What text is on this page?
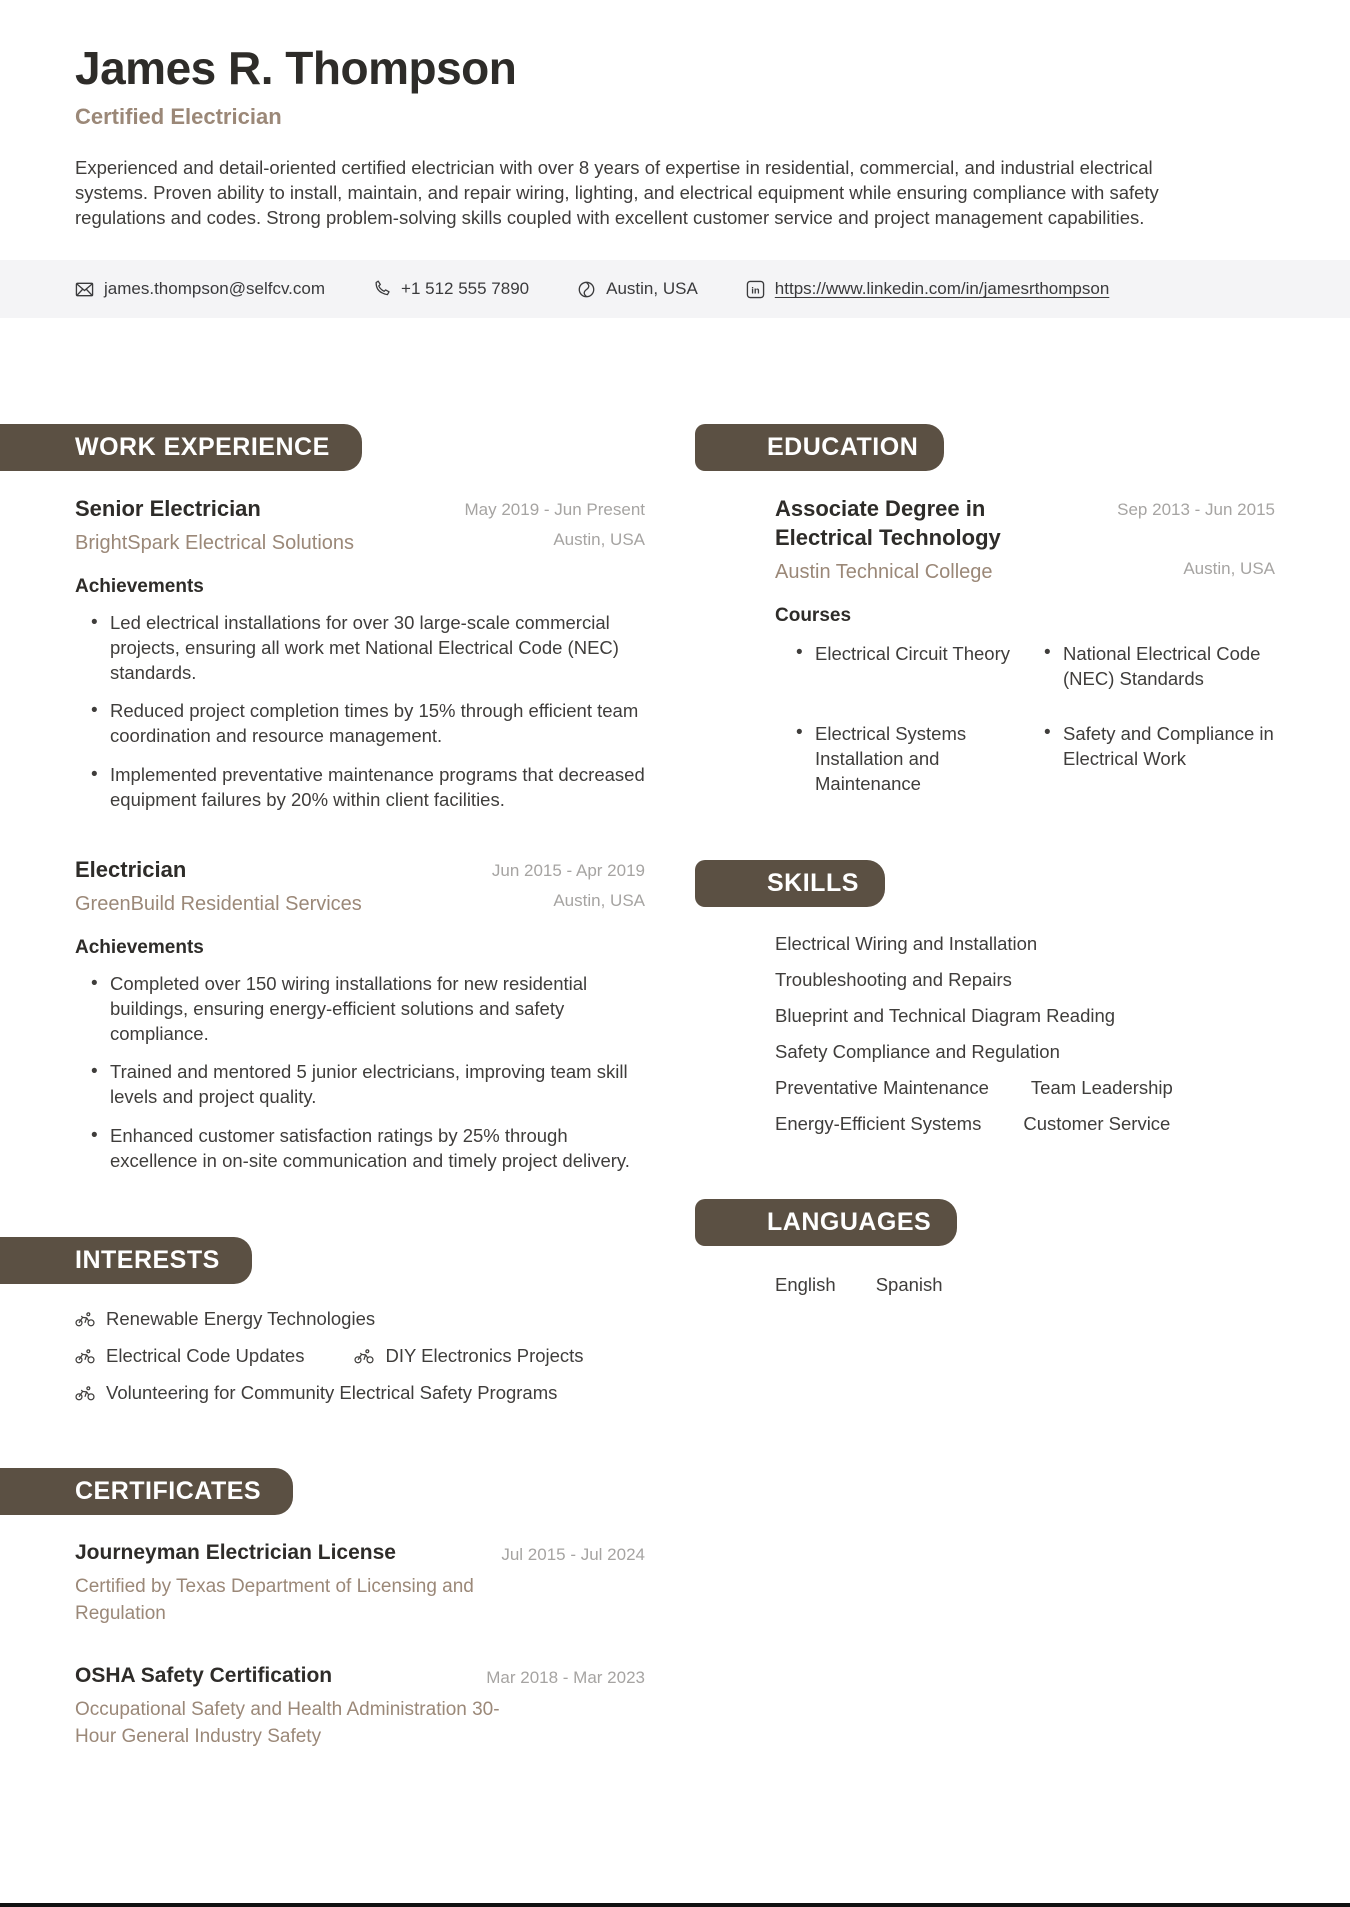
James R. Thompson
Certified Electrician

Experienced and detail-oriented certified electrician with over 8 years of expertise in residential, commercial, and industrial electrical systems. Proven ability to install, maintain, and repair wiring, lighting, and electrical equipment while ensuring compliance with safety regulations and codes. Strong problem-solving skills coupled with excellent customer service and project management capabilities.

james.thompson@selfcv.com	+1 512 555 7890	Austin, USA	in https://www.linkedin.com/in/jamesrthompson
WORK EXPERIENCE
Senior Electrician
BrightSpark Electrical Solutions
May 2019 - Jun Present
Austin, USA
Achievements
• Led electrical installations for over 30 large-scale commercial projects, ensuring all work met National Electrical Code (NEC) standards.
• Reduced project completion times by 15% through efficient team coordination and resource management.
• Implemented preventative maintenance programs that decreased equipment failures by 20% within client facilities.
Electrician
GreenBuild Residential Services
Jun 2015 - Apr 2019
Austin, USA
Achievements
• Completed over 150 wiring installations for new residential buildings, ensuring energy-efficient solutions and safety compliance.
• Trained and mentored 5 junior electricians, improving team skill levels and project quality.
• Enhanced customer satisfaction ratings by 25% through excellence in on-site communication and timely project delivery.
INTERESTS
Renewable Energy Technologies
Electrical Code Updates	DIY Electronics Projects
Volunteering for Community Electrical Safety Programs
CERTIFICATES
Journeyman Electrician License	Jul 2015 - Jul 2024
Certified by Texas Department of Licensing and Regulation
OSHA Safety Certification	Mar 2018 - Mar 2023
Occupational Safety and Health Administration 30-Hour General Industry Safety
EDUCATION
Associate Degree in Electrical Technology
Austin Technical College
Sep 2013 - Jun 2015
Austin, USA
Courses
• Electrical Circuit Theory	• National Electrical Code (NEC) Standards
• Electrical Systems Installation and Maintenance
• Safety and Compliance in Electrical Work
SKILLS
Electrical Wiring and Installation
Troubleshooting and Repairs
Blueprint and Technical Diagram Reading
Safety Compliance and Regulation
Preventative Maintenance Team Leadership
Energy-Efficient Systems Customer Service
LANGUAGES
English Spanish
